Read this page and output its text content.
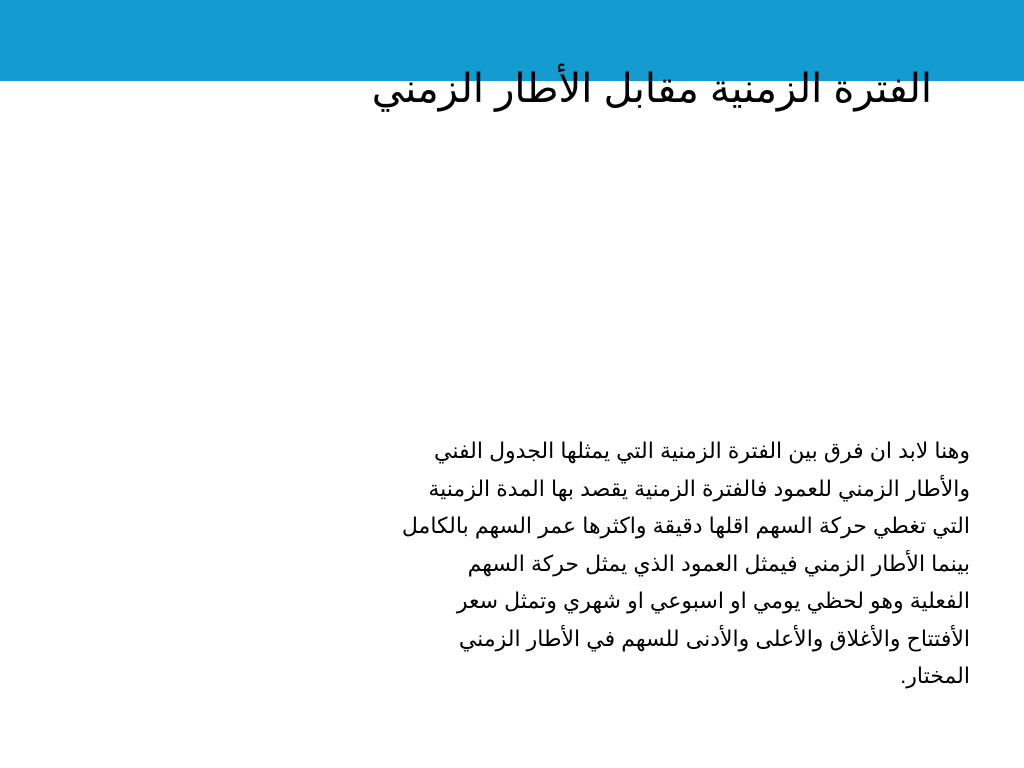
الفترة الزمنية مقابل الأطار الزمني
وهنا لابد ان فرق بين الفترة الزمنية التي يمثلها الجدول الفني
والأطار الزمني للعمود فالفترة الزمنية يقصد بها المدة الزمنية
التي تغطي حركة السهم اقلها دقيقة واكثرها عمر السهم بالكامل
بينما الأطار الزمني فيمثل العمود الذي يمثل حركة السهم
الفعلية وهو لحظي يومي او اسبوعي او شهري وتمثل سعر
الأفتتاح والأغلاق والأعلى والأدنى للسهم في الأطار الزمني
المختار.
